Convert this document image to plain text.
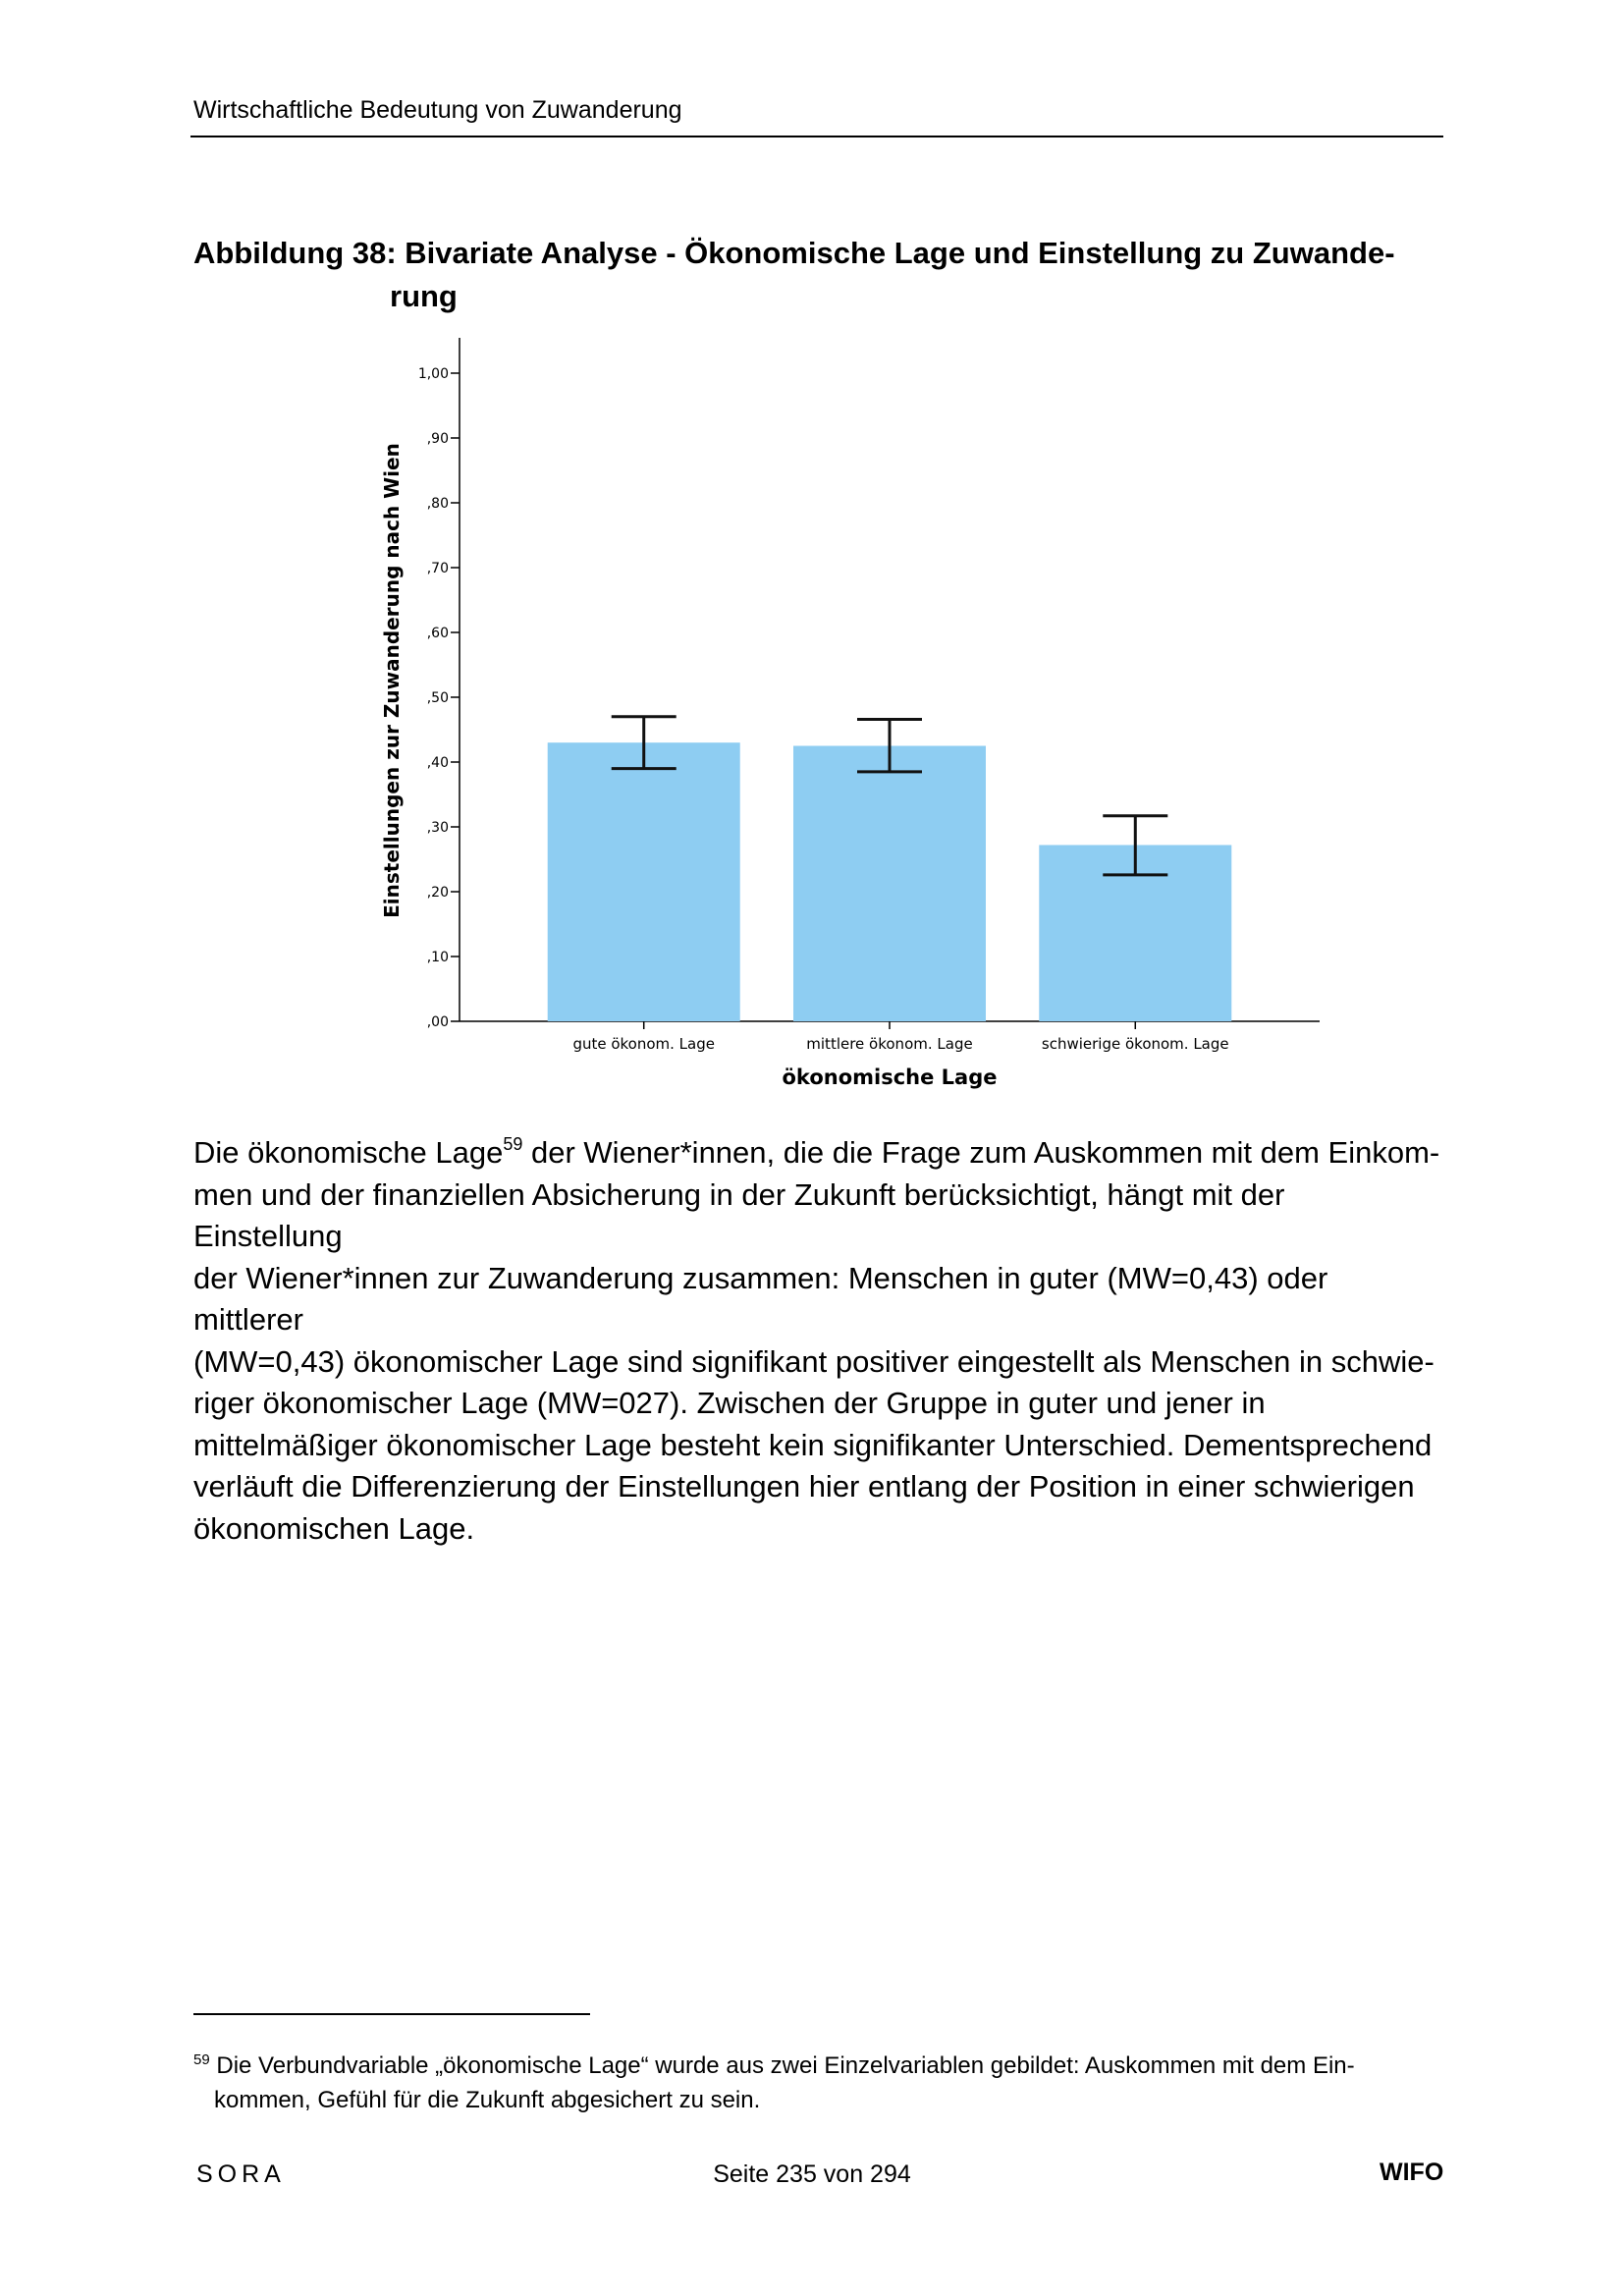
Wirtschaftliche Bedeutung von Zuwanderung
Abbildung 38: Bivariate Analyse - Ökonomische Lage und Einstellung zu Zuwande-
rung
,00
,10
,20
,30
,40
,50
,60
,70
,80
,90
1,00
gute ökonom. Lage	mittlere ökonom. Lage	schwierige ökonom. Lage
Einstellungen zur Zuwanderung nach Wien
ökonomische Lage
Die ökonomische Lage$^{59}$ der Wiener*innen, die die Frage zum Auskommen mit dem Einkom-
men und der finanziellen Absicherung in der Zukunft berücksichtigt, hängt mit der Einstellung
der Wiener*innen zur Zuwanderung zusammen: Menschen in guter (MW=0,43) oder mittlerer
(MW=0,43) ökonomischer Lage sind signifikant positiver eingestellt als Menschen in schwie-
riger ökonomischer Lage (MW=027). Zwischen der Gruppe in guter und jener in
mittelmäßiger ökonomischer Lage besteht kein signifikanter Unterschied. Dementsprechend
verläuft die Differenzierung der Einstellungen hier entlang der Position in einer schwierigen
ökonomischen Lage.
$^{59}$ Die Verbundvariable „ökonomische Lage“ wurde aus zwei Einzelvariablen gebildet: Auskommen mit dem Ein-
kommen, Gefühl für die Zukunft abgesichert zu sein.
SORA	Seite 235 von 294	WIFO
